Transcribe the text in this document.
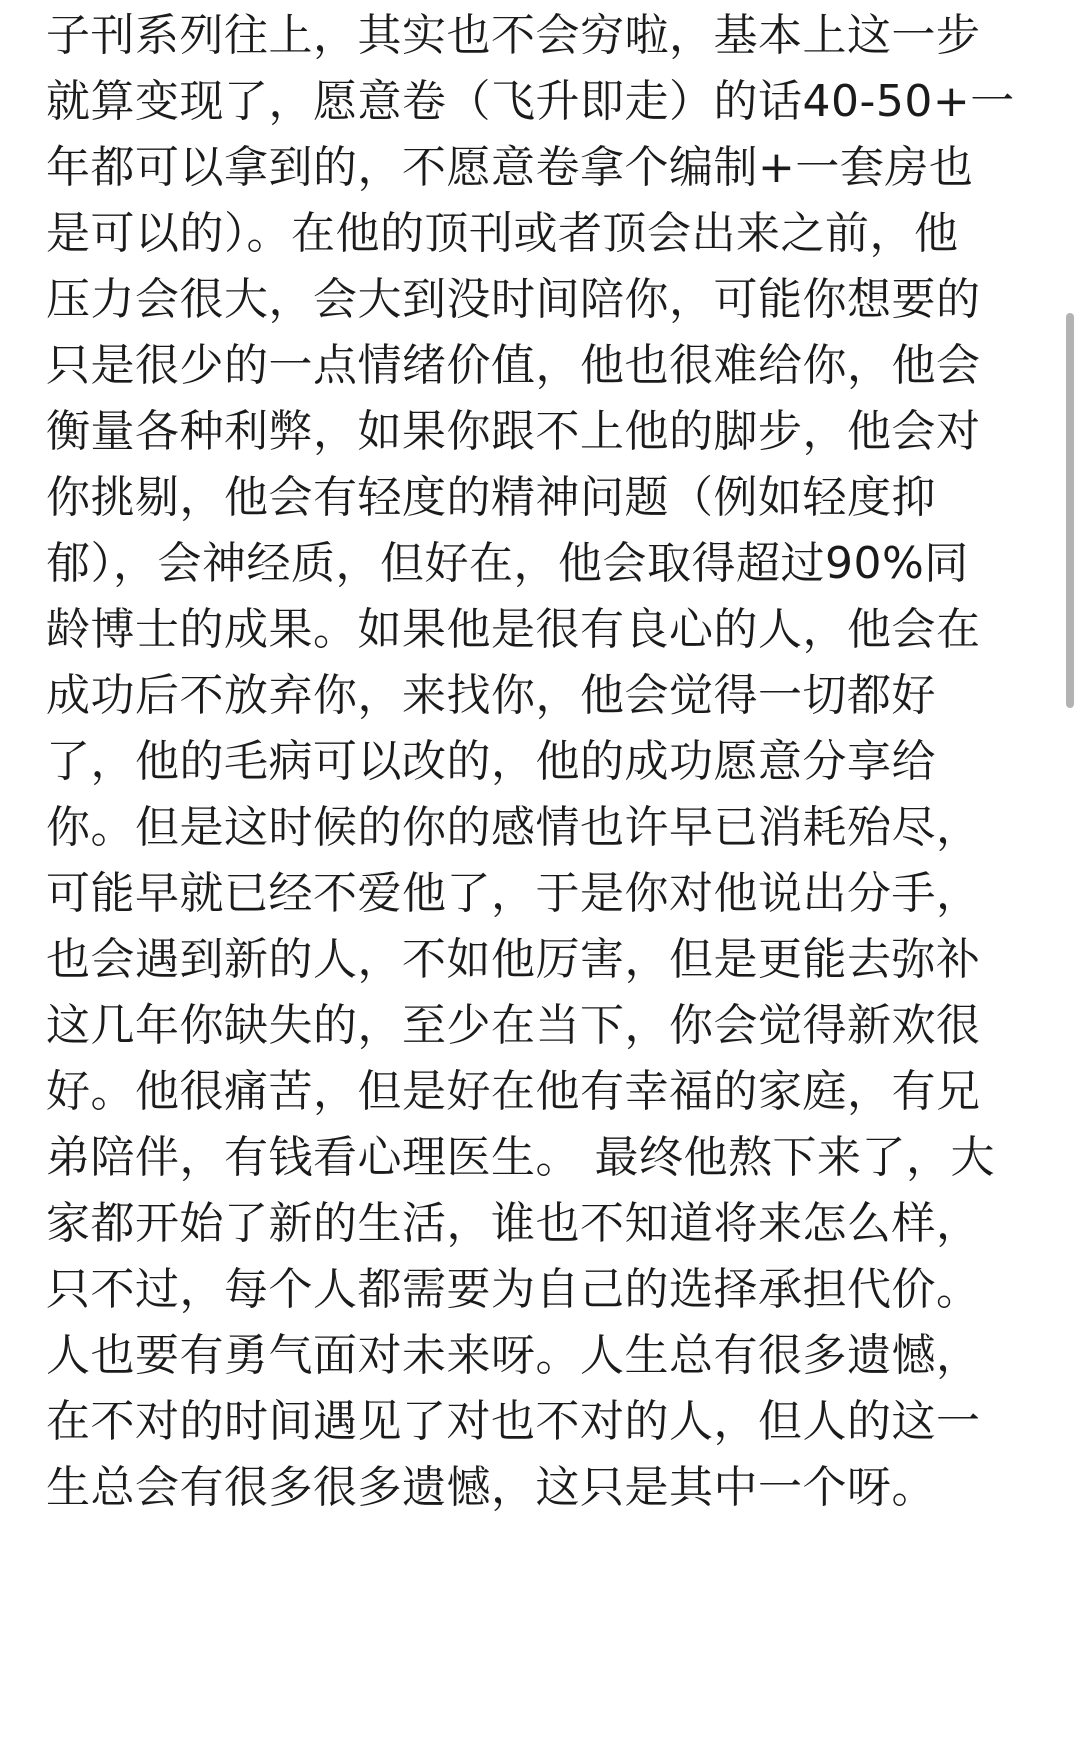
子刊系列往上，其实也不会穷啦，基本上这一步
就算变现了，愿意卷（飞升即走）的话40-50+一
年都可以拿到的，不愿意卷拿个编制+一套房也
是可以的）。在他的顶刊或者顶会出来之前，他
压力会很大，会大到没时间陪你，可能你想要的
只是很少的一点情绪价值，他也很难给你，他会
衡量各种利弊，如果你跟不上他的脚步，他会对
你挑剔，他会有轻度的精神问题（例如轻度抑
郁），会神经质，但好在，他会取得超过90%同
龄博士的成果。如果他是很有良心的人，他会在
成功后不放弃你，来找你，他会觉得一切都好
了，他的毛病可以改的，他的成功愿意分享给
你。但是这时候的你的感情也许早已消耗殆尽，
可能早就已经不爱他了，于是你对他说出分手，
也会遇到新的人，不如他厉害，但是更能去弥补
这几年你缺失的，至少在当下，你会觉得新欢很
好。他很痛苦，但是好在他有幸福的家庭，有兄
弟陪伴，有钱看心理医生。 最终他熬下来了，大
家都开始了新的生活，谁也不知道将来怎么样，
只不过，每个人都需要为自己的选择承担代价。
人也要有勇气面对未来呀。人生总有很多遗憾，
在不对的时间遇见了对也不对的人，但人的这一
生总会有很多很多遗憾，这只是其中一个呀。
